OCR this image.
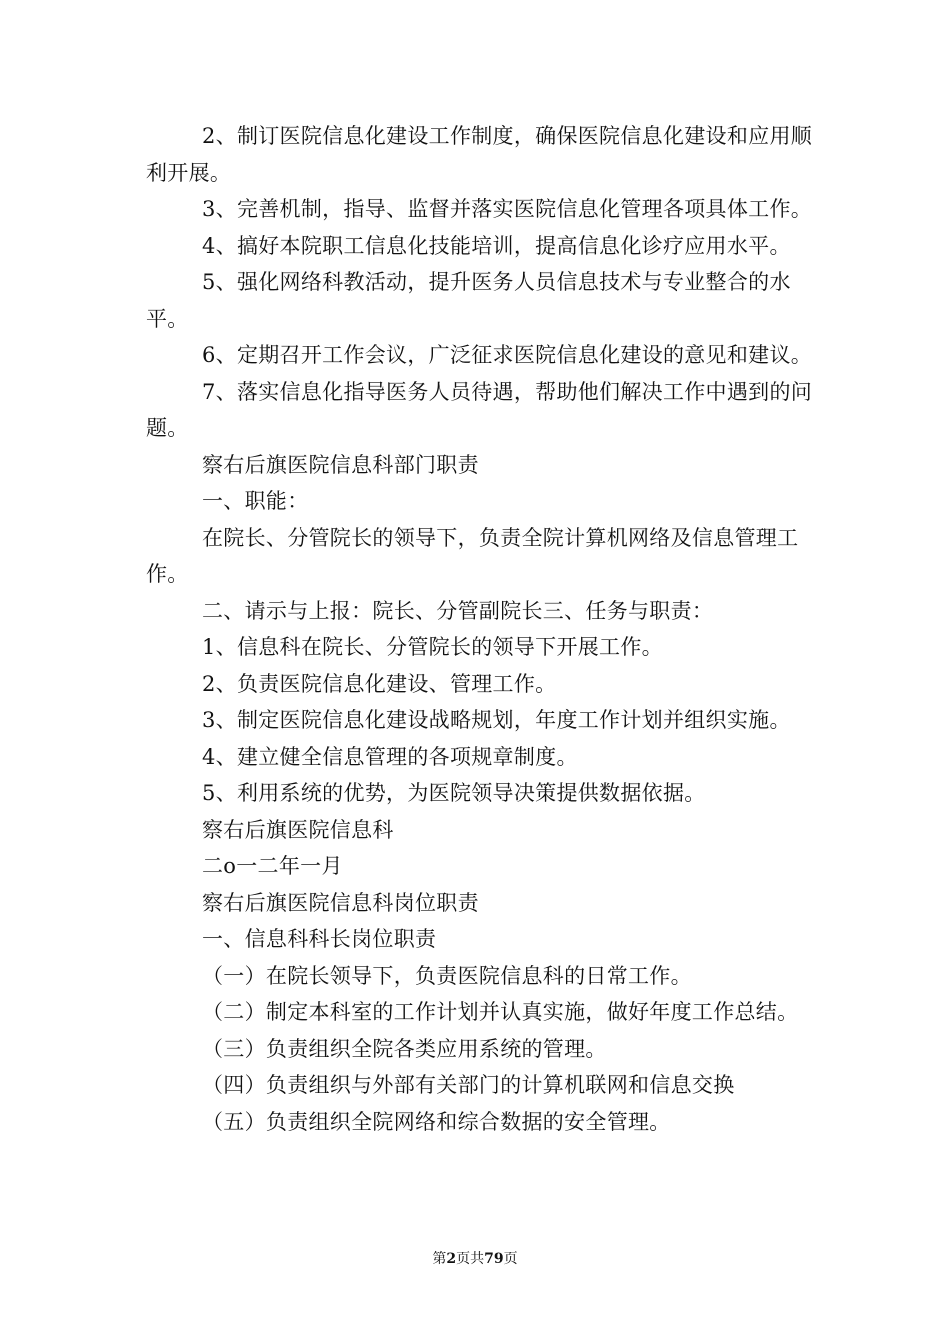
2、制订医院信息化建设工作制度，确保医院信息化建设和应用顺利开展。

3、完善机制，指导、监督并落实医院信息化管理各项具体工作。

4、搞好本院职工信息化技能培训，提高信息化诊疗应用水平。

5、强化网络科教活动，提升医务人员信息技术与专业整合的水平。

6、定期召开工作会议，广泛征求医院信息化建设的意见和建议。

7、落实信息化指导医务人员待遇，帮助他们解决工作中遇到的问题。

察右后旗医院信息科部门职责

一、职能：

在院长、分管院长的领导下，负责全院计算机网络及信息管理工作。

二、请示与上报：院长、分管副院长三、任务与职责：

1、信息科在院长、分管院长的领导下开展工作。

2、负责医院信息化建设、管理工作。

3、制定医院信息化建设战略规划，年度工作计划并组织实施。

4、建立健全信息管理的各项规章制度。

5、利用系统的优势，为医院领导决策提供数据依据。

察右后旗医院信息科

二o一二年一月

察右后旗医院信息科岗位职责

一、信息科科长岗位职责

（一）在院长领导下，负责医院信息科的日常工作。

（二）制定本科室的工作计划并认真实施，做好年度工作总结。

（三）负责组织全院各类应用系统的管理。

（四）负责组织与外部有关部门的计算机联网和信息交换

（五）负责组织全院网络和综合数据的安全管理。

第2页共79页
